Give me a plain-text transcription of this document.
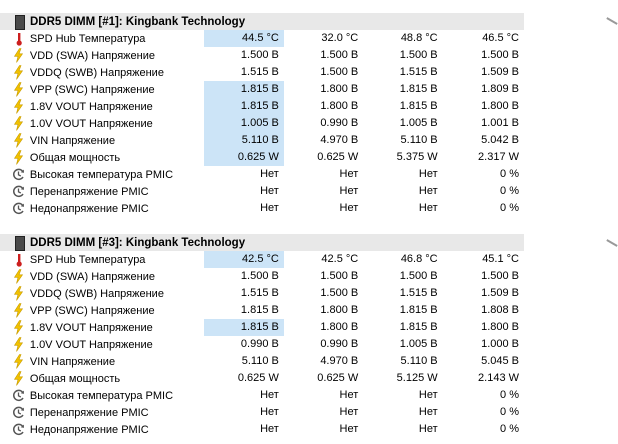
DDR5 DIMM [#1]: Kingbank Technology
SPD Hub Температура	44.5 °C	32.0 °C	48.8 °C	46.5 °C
VDD (SWA) Напряжение	1.500 В	1.500 В	1.500 В	1.500 В
VDDQ (SWB) Напряжение	1.515 В	1.500 В	1.515 В	1.509 В
VPP (SWC) Напряжение	1.815 В	1.800 В	1.815 В	1.809 В
1.8V VOUT Напряжение	1.815 В	1.800 В	1.815 В	1.800 В
1.0V VOUT Напряжение	1.005 В	0.990 В	1.005 В	1.001 В
VIN Напряжение	5.110 В	4.970 В	5.110 В	5.042 В
Общая мощность	0.625 W	0.625 W	5.375 W	2.317 W
Высокая температура PMIC	Нет	Нет	Нет	0 %
Перенапряжение PMIC	Нет	Нет	Нет	0 %
Недонапряжение PMIC	Нет	Нет	Нет	0 %
DDR5 DIMM [#3]: Kingbank Technology
SPD Hub Температура	42.5 °C	42.5 °C	46.8 °C	45.1 °C
VDD (SWA) Напряжение	1.500 В	1.500 В	1.500 В	1.500 В
VDDQ (SWB) Напряжение	1.515 В	1.500 В	1.515 В	1.509 В
VPP (SWC) Напряжение	1.815 В	1.800 В	1.815 В	1.808 В
1.8V VOUT Напряжение	1.815 В	1.800 В	1.815 В	1.800 В
1.0V VOUT Напряжение	0.990 В	0.990 В	1.005 В	1.000 В
VIN Напряжение	5.110 В	4.970 В	5.110 В	5.045 В
Общая мощность	0.625 W	0.625 W	5.125 W	2.143 W
Высокая температура PMIC	Нет	Нет	Нет	0 %
Перенапряжение PMIC	Нет	Нет	Нет	0 %
Недонапряжение PMIC	Нет	Нет	Нет	0 %
